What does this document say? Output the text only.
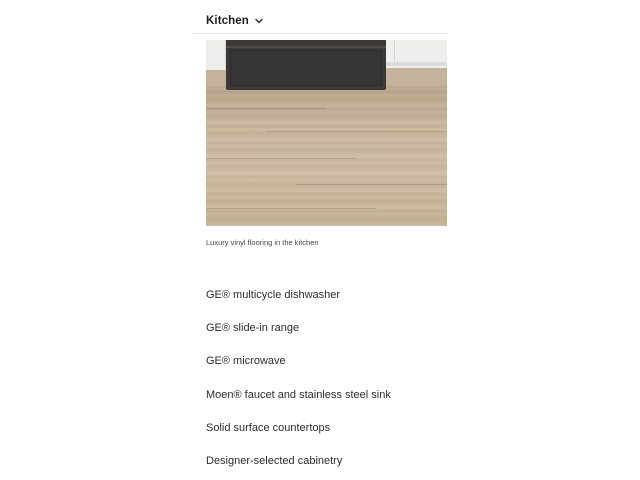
Kitchen
Luxury vinyl flooring in the kitchen
GE® multicycle dishwasher
GE® slide-in range
GE® microwave
Moen® faucet and stainless steel sink
Solid surface countertops
Designer-selected cabinetry
